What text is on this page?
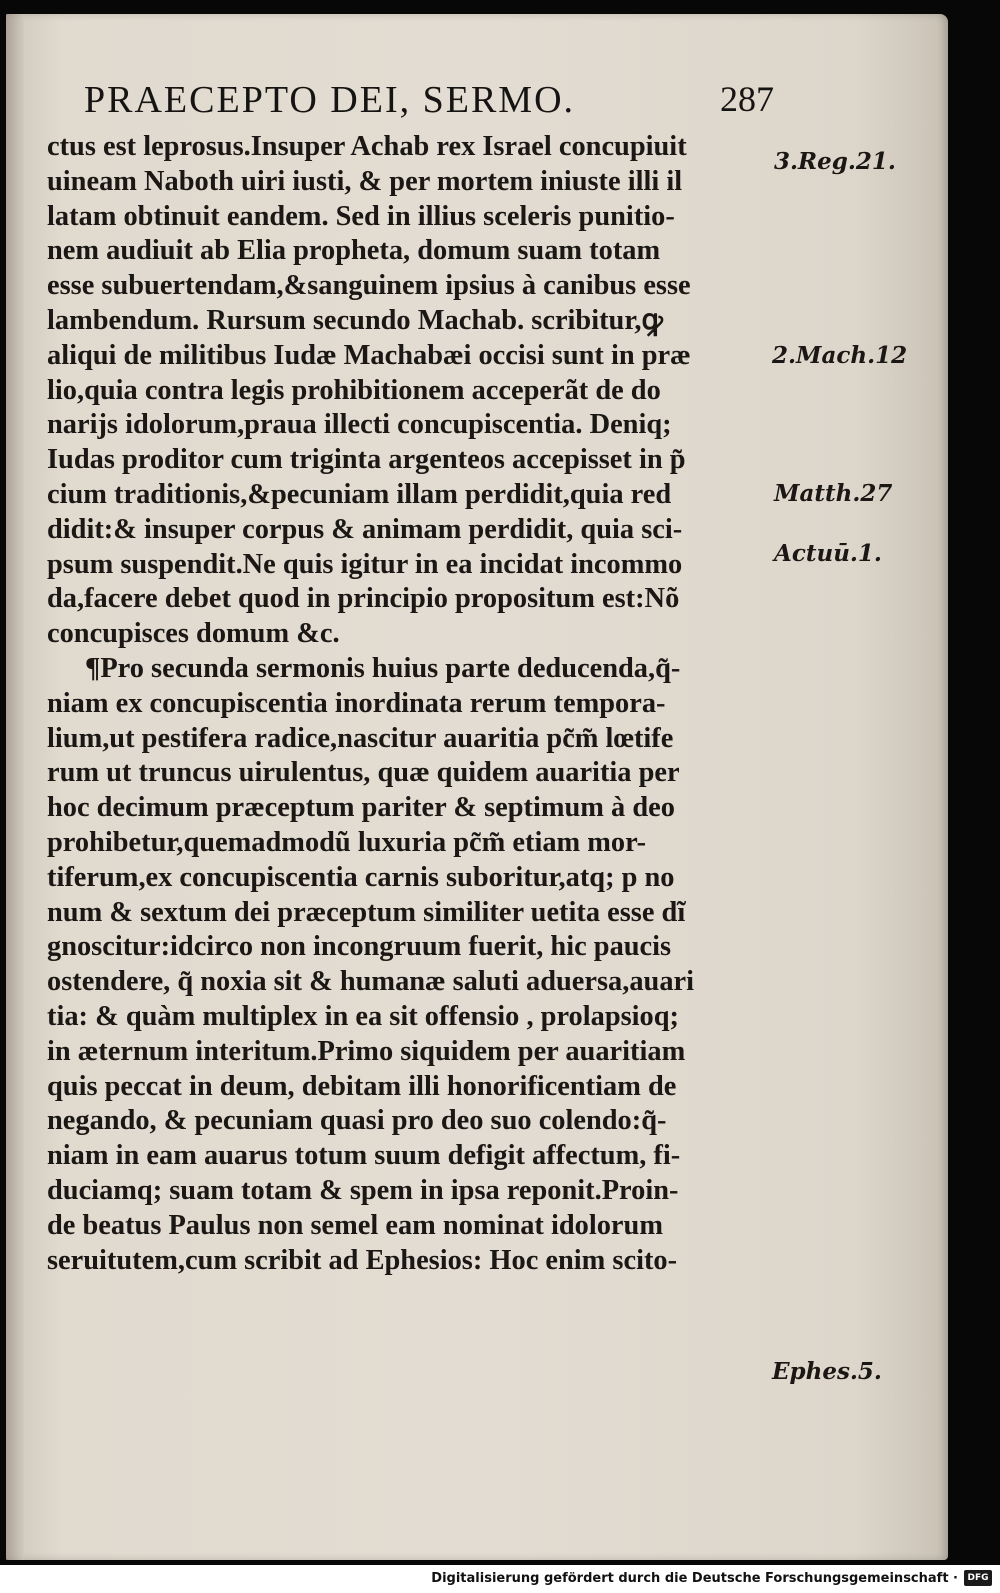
PRAECEPTO DEI, SERMO.	287
ctus est leprosus.Insuper Achab rex Israel concupiuit
uineam Naboth uiri iusti, & per mortem iniuste illi il
latam obtinuit eandem. Sed in illius sceleris punitio-
nem audiuit ab Elia propheta, domum suam totam
esse subuertendam,&sanguinem ipsius à canibus esse
lambendum. Rursum secundo Machab. scribitur,ꝙ
aliqui de militibus Iudæ Machabæi occisi sunt in præ
lio,quia contra legis prohibitionem acceperãt de do
narijs idolorum,praua illecti concupiscentia. Deniq;
Iudas proditor cum triginta argenteos accepisset in p̃
cium traditionis,&pecuniam illam perdidit,quia red
didit:& insuper corpus & animam perdidit, quia sci-
psum suspendit.Ne quis igitur in ea incidat incommo
da,facere debet quod in principio propositum est:Nõ
concupisces domum &c.
¶Pro secunda sermonis huius parte deducenda,q̃-
niam ex concupiscentia inordinata rerum tempora-
lium,ut pestifera radice,nascitur auaritia pc̃m̃ lœtife
rum ut truncus uirulentus, quæ quidem auaritia per
hoc decimum præceptum pariter & septimum à deo
prohibetur,quemadmodũ luxuria pc̃m̃ etiam mor-
tiferum,ex concupiscentia carnis suboritur,atq; p no
num & sextum dei præceptum similiter uetita esse dĩ
gnoscitur:idcirco non incongruum fuerit, hic paucis
ostendere, q̃ noxia sit & humanæ saluti aduersa,auari
tia: & quàm multiplex in ea sit offensio , prolapsioq;
in æternum interitum.Primo siquidem per auaritiam
quis peccat in deum, debitam illi honorificentiam de
negando, & pecuniam quasi pro deo suo colendo:q̃-
niam in eam auarus totum suum defigit affectum, fi-
duciamq; suam totam & spem in ipsa reponit.Proin-
de beatus Paulus non semel eam nominat idolorum
seruitutem,cum scribit ad Ephesios: Hoc enim scito-
3.Reg.21.
2.Mach.12
Matth.27
Actuū.1.
Ephes.5.
Digitalisierung gefördert durch die Deutsche Forschungsgemeinschaft ·	DFG
